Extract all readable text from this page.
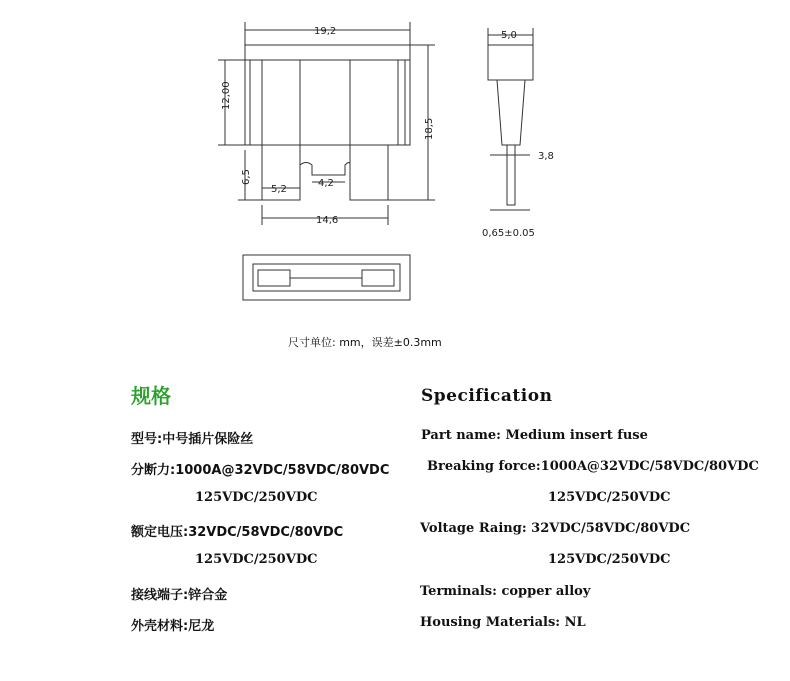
19,2
12,00
18,5
6,5
5,2
4,2
14,6
5,0
3,8
0,65±0.05
尺寸单位: mm，误差±0.3mm
规格	Specification
型号:中号插片保险丝	Part name: Medium insert fuse
分断力:1000A@32VDC/58VDC/80VDC	Breaking force:1000A@32VDC/58VDC/80VDC
125VDC/250VDC	125VDC/250VDC
额定电压:32VDC/58VDC/80VDC	Voltage Raing: 32VDC/58VDC/80VDC
125VDC/250VDC	125VDC/250VDC
接线端子:锌合金	Terminals: copper alloy
外壳材料:尼龙	Housing Materials: NL
